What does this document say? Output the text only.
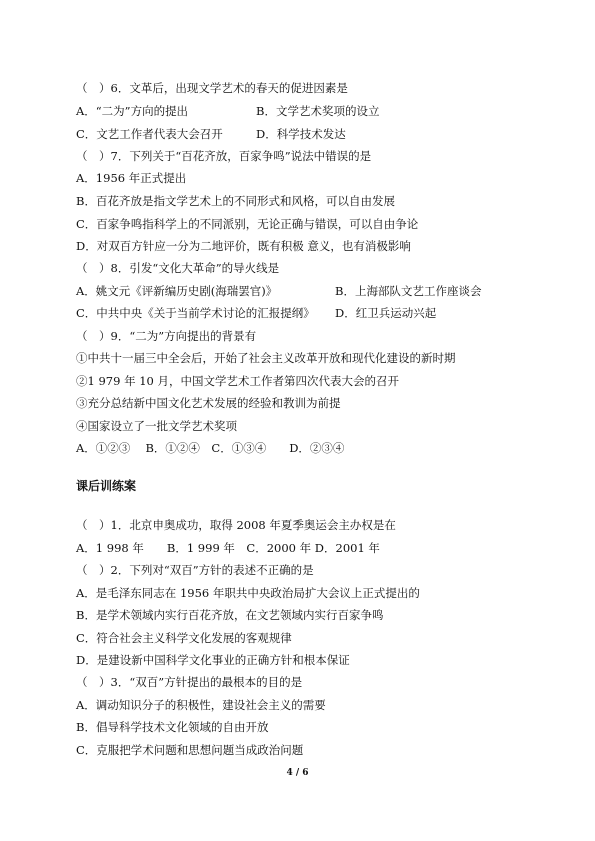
（　）6．文革后，出现文学艺术的春天的促进因素是
A．“二为”方向的提出	B．文学艺术奖项的设立
C．文艺工作者代表大会召开	D．科学技术发达
（　）7．下列关于“百花齐放，百家争鸣”说法中错误的是
A．1956 年正式提出
B．百花齐放是指文学艺术上的不同形式和风格，可以自由发展
C．百家争鸣指科学上的不同派别，无论正确与错误，可以自由争论
D．对双百方针应一分为二地评价，既有积极 意义，也有消极影响
（　）8．引发“文化大革命”的导火线是
A．姚文元《评新编历史剧(海瑞罢官)》	B．上海部队文艺工作座谈会
C．中共中央《关于当前学术讨论的汇报提纲》 D．红卫兵运动兴起
（　）9．“二为”方向提出的背景有
①中共十一届三中全会后，开始了社会主义改革开放和现代化建设的新时期
②1 979 年 10 月，中国文学艺术工作者第四次代表大会的召开
③充分总结新中国文化艺术发展的经验和教训为前提
④国家设立了一批文学艺术奖项
A．①②③　 B．①②④　C．①③④　　D．②③④
课后训练案
（　）1．北京申奥成功，取得 2008 年夏季奥运会主办权是在
A．1 998 年　　B．1 999 年　C．2000 年 D．2001 年
（　）2．下列对“双百”方针的表述不正确的是
A．是毛泽东同志在 1956 年职共中央政治局扩大会议上正式提出的
B．是学术领域内实行百花齐放，在文艺领域内实行百家争鸣
C．符合社会主义科学文化发展的客观规律
D．是建设新中国科学文化事业的正确方针和根本保证
（　）3．“双百”方针提出的最根本的目的是
A．调动知识分子的积极性，建设社会主义的需要
B．倡导科学技术文化领域的自由开放
C．克服把学术问题和思想问题当成政治问题
4 / 6
